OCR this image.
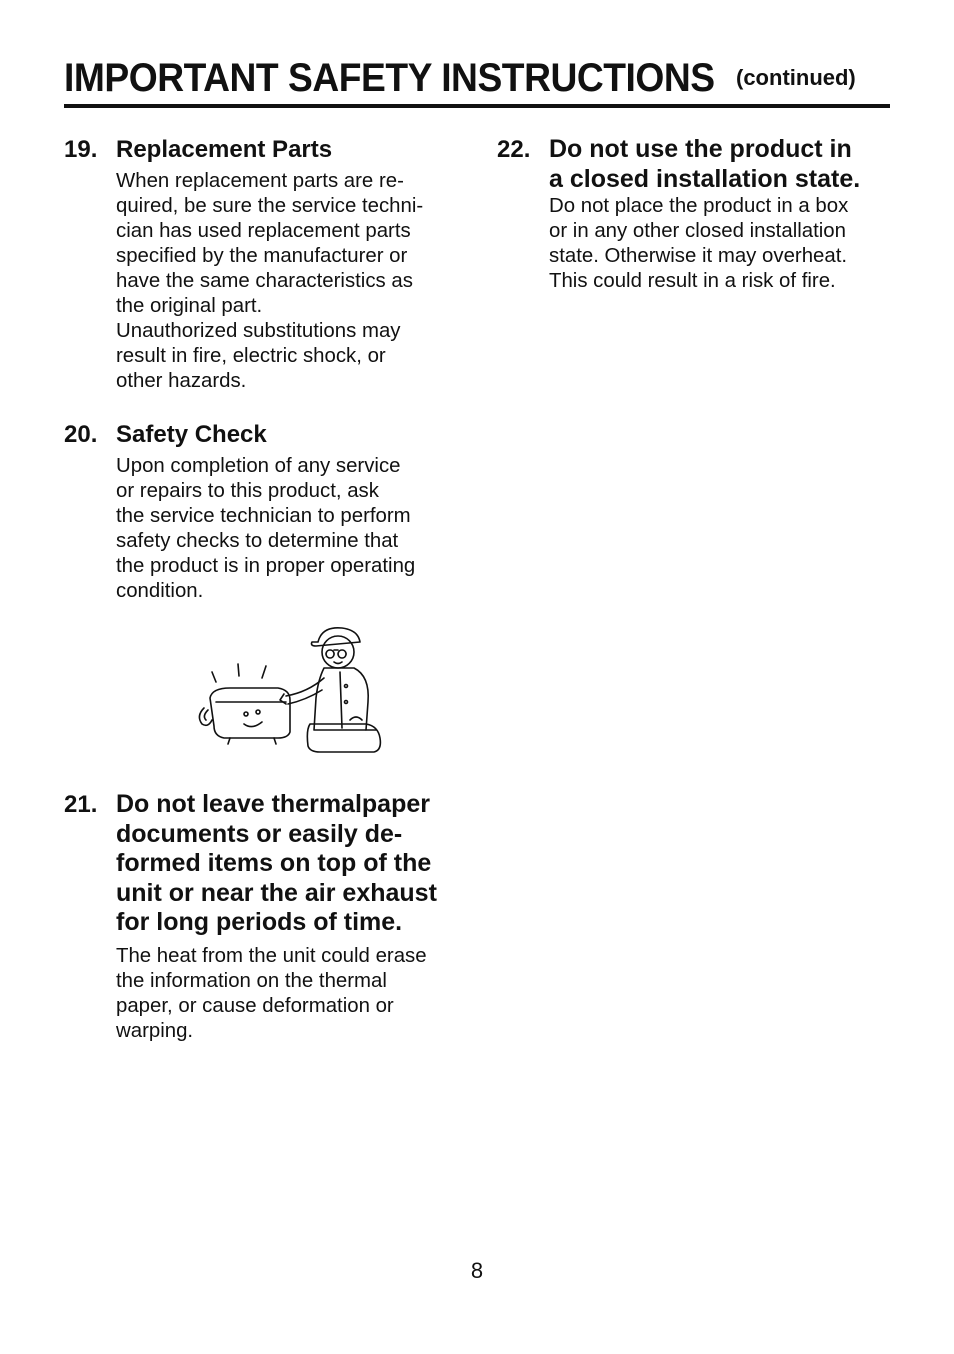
IMPORTANT SAFETY INSTRUCTIONS (continued)
19. Replacement Parts

When replacement parts are re-

quired, be sure the service techni-

cian has used replacement parts

specified by the manufacturer or

have the same characteristics as

the original part.

Unauthorized substitutions may

result in fire, electric shock, or

other hazards.

20. Safety Check

Upon completion of any service

or repairs to this product, ask

the service technician to perform

safety checks to determine that

the product is in proper operating

condition.

21. Do not leave thermalpaper
documents or easily de-
formed items on top of the
unit or near the air exhaust
for long periods of time.

The heat from the unit could erase

the information on the thermal

paper, or cause deformation or

warping.

22. Do not use the product in
a closed installation state.

Do not place the product in a box

or in any other closed installation

state. Otherwise it may overheat.

This could result in a risk of fire.

8
